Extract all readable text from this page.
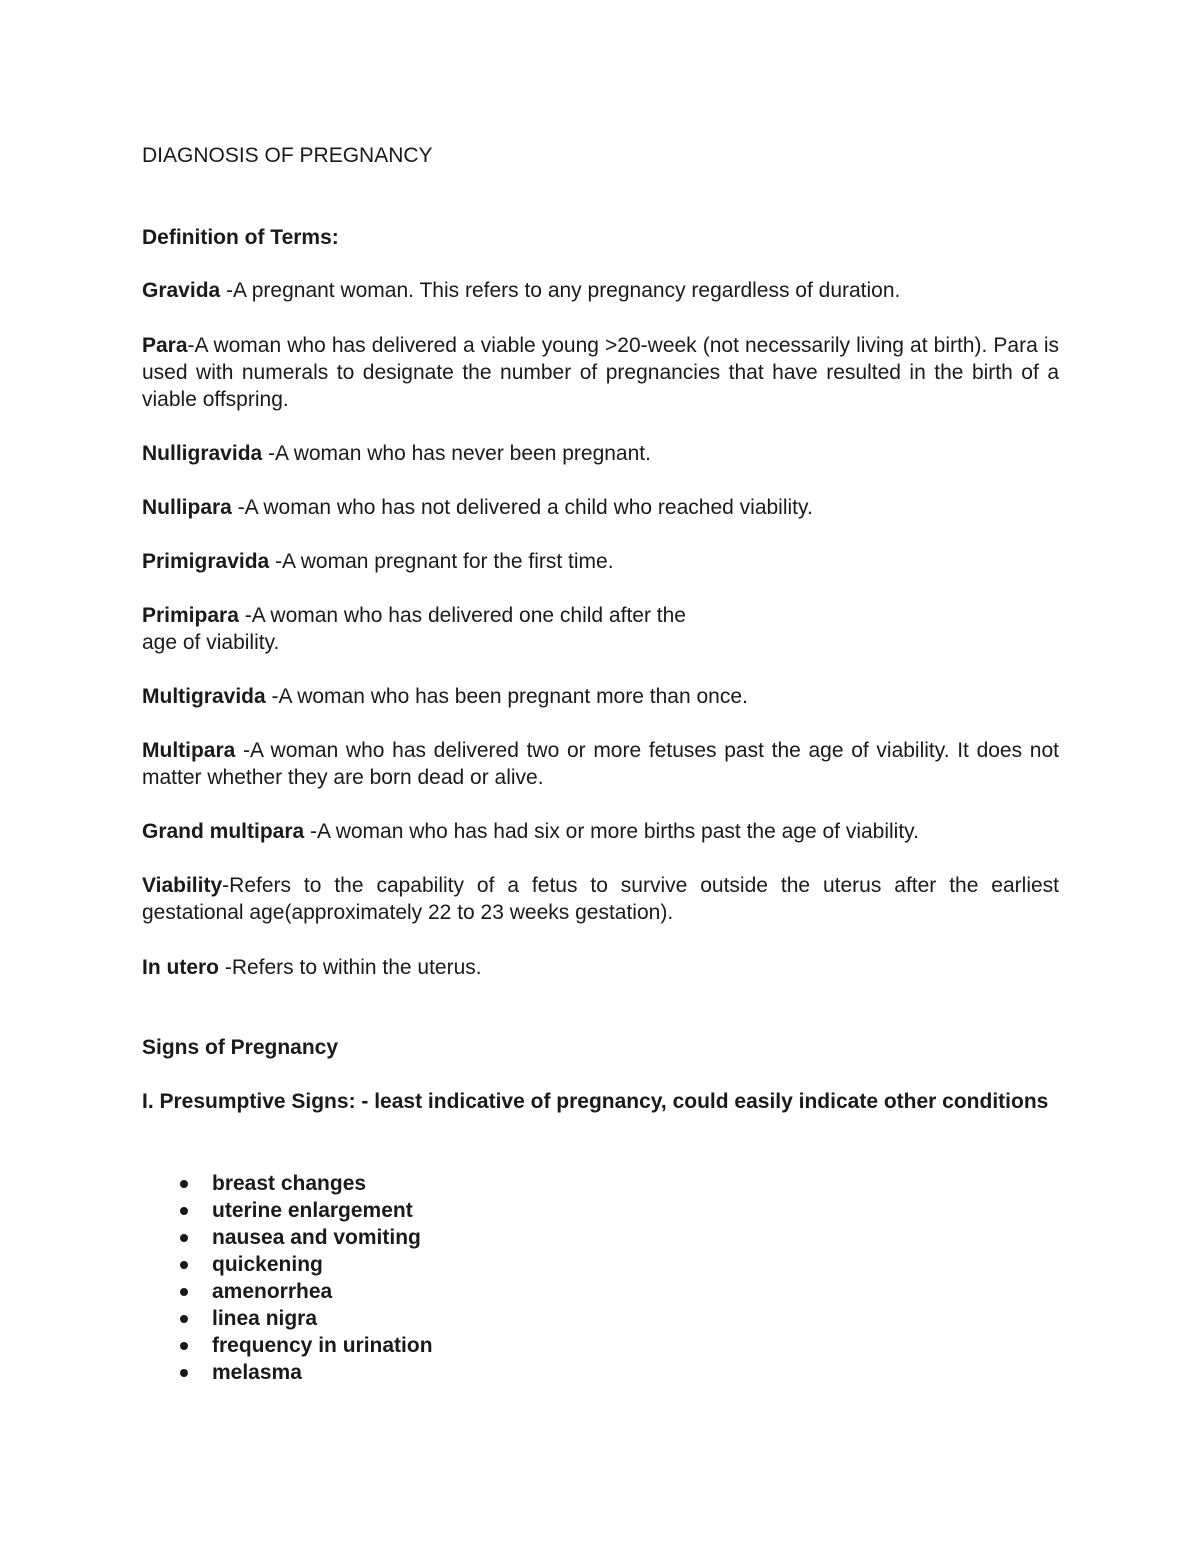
DIAGNOSIS OF PREGNANCY
Definition of Terms:
Gravida -A pregnant woman. This refers to any pregnancy regardless of duration.
Para-A woman who has delivered a viable young >20-week (not necessarily living at birth). Para is used with numerals to designate the number of pregnancies that have resulted in the birth of a viable offspring.
Nulligravida -A woman who has never been pregnant.
Nullipara -A woman who has not delivered a child who reached viability.
Primigravida -A woman pregnant for the first time.
Primipara -A woman who has delivered one child after the
age of viability.
Multigravida -A woman who has been pregnant more than once.
Multipara -A woman who has delivered two or more fetuses past the age of viability. It does not matter whether they are born dead or alive.
Grand multipara -A woman who has had six or more births past the age of viability.
Viability-Refers to the capability of a fetus to survive outside the uterus after the earliest gestational age(approximately 22 to 23 weeks gestation).
In utero -Refers to within the uterus.
Signs of Pregnancy
I. Presumptive Signs: - least indicative of pregnancy, could easily indicate other conditions
breast changes
uterine enlargement
nausea and vomiting
quickening
amenorrhea
linea nigra
frequency in urination
melasma
